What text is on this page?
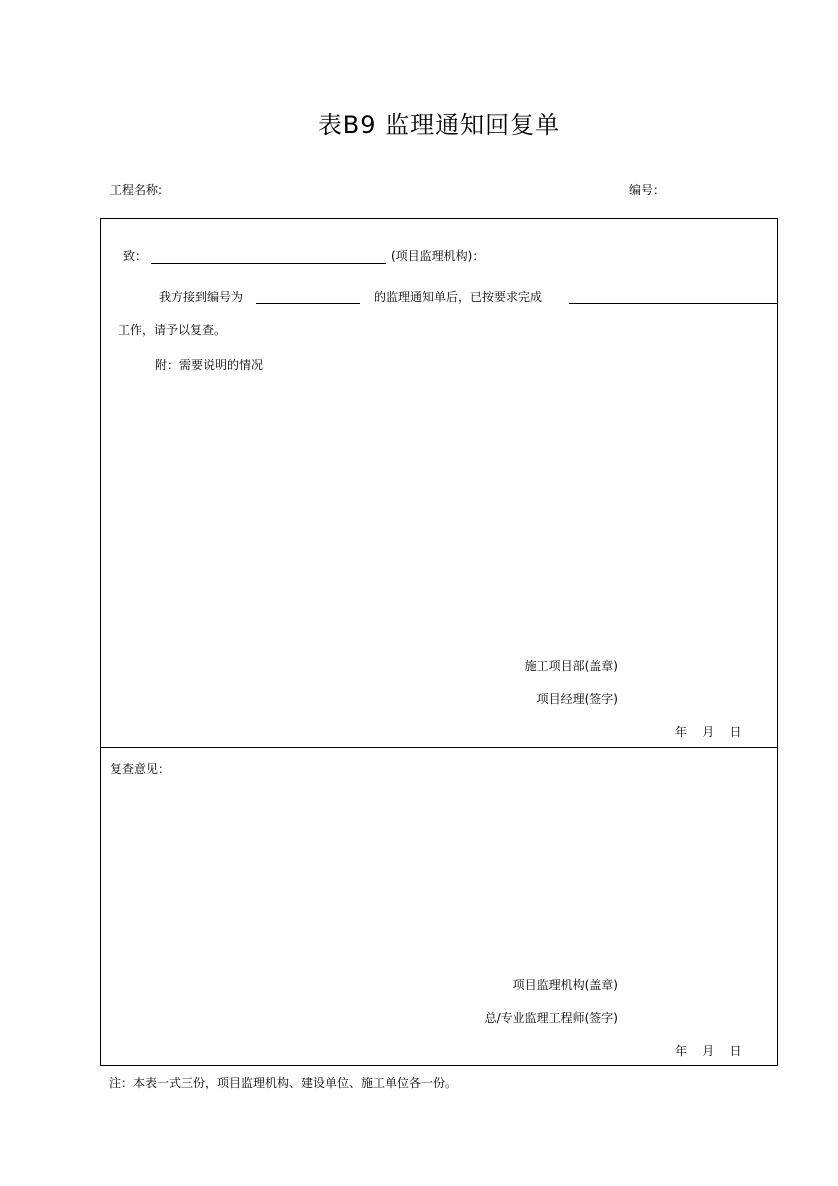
表B9 监理通知回复单
工程名称:	编号：
致：	(项目监理机构)：
我方接到编号为	的监理通知单后，已按要求完成
工作，请予以复查。
附：需要说明的情况
施工项目部(盖章)
项目经理(签字)
年    月    日
复查意见：
项目监理机构(盖章)
总/专业监理工程师(签字)
年    月    日
注：本表一式三份，项目监理机构、建设单位、施工单位各一份。
